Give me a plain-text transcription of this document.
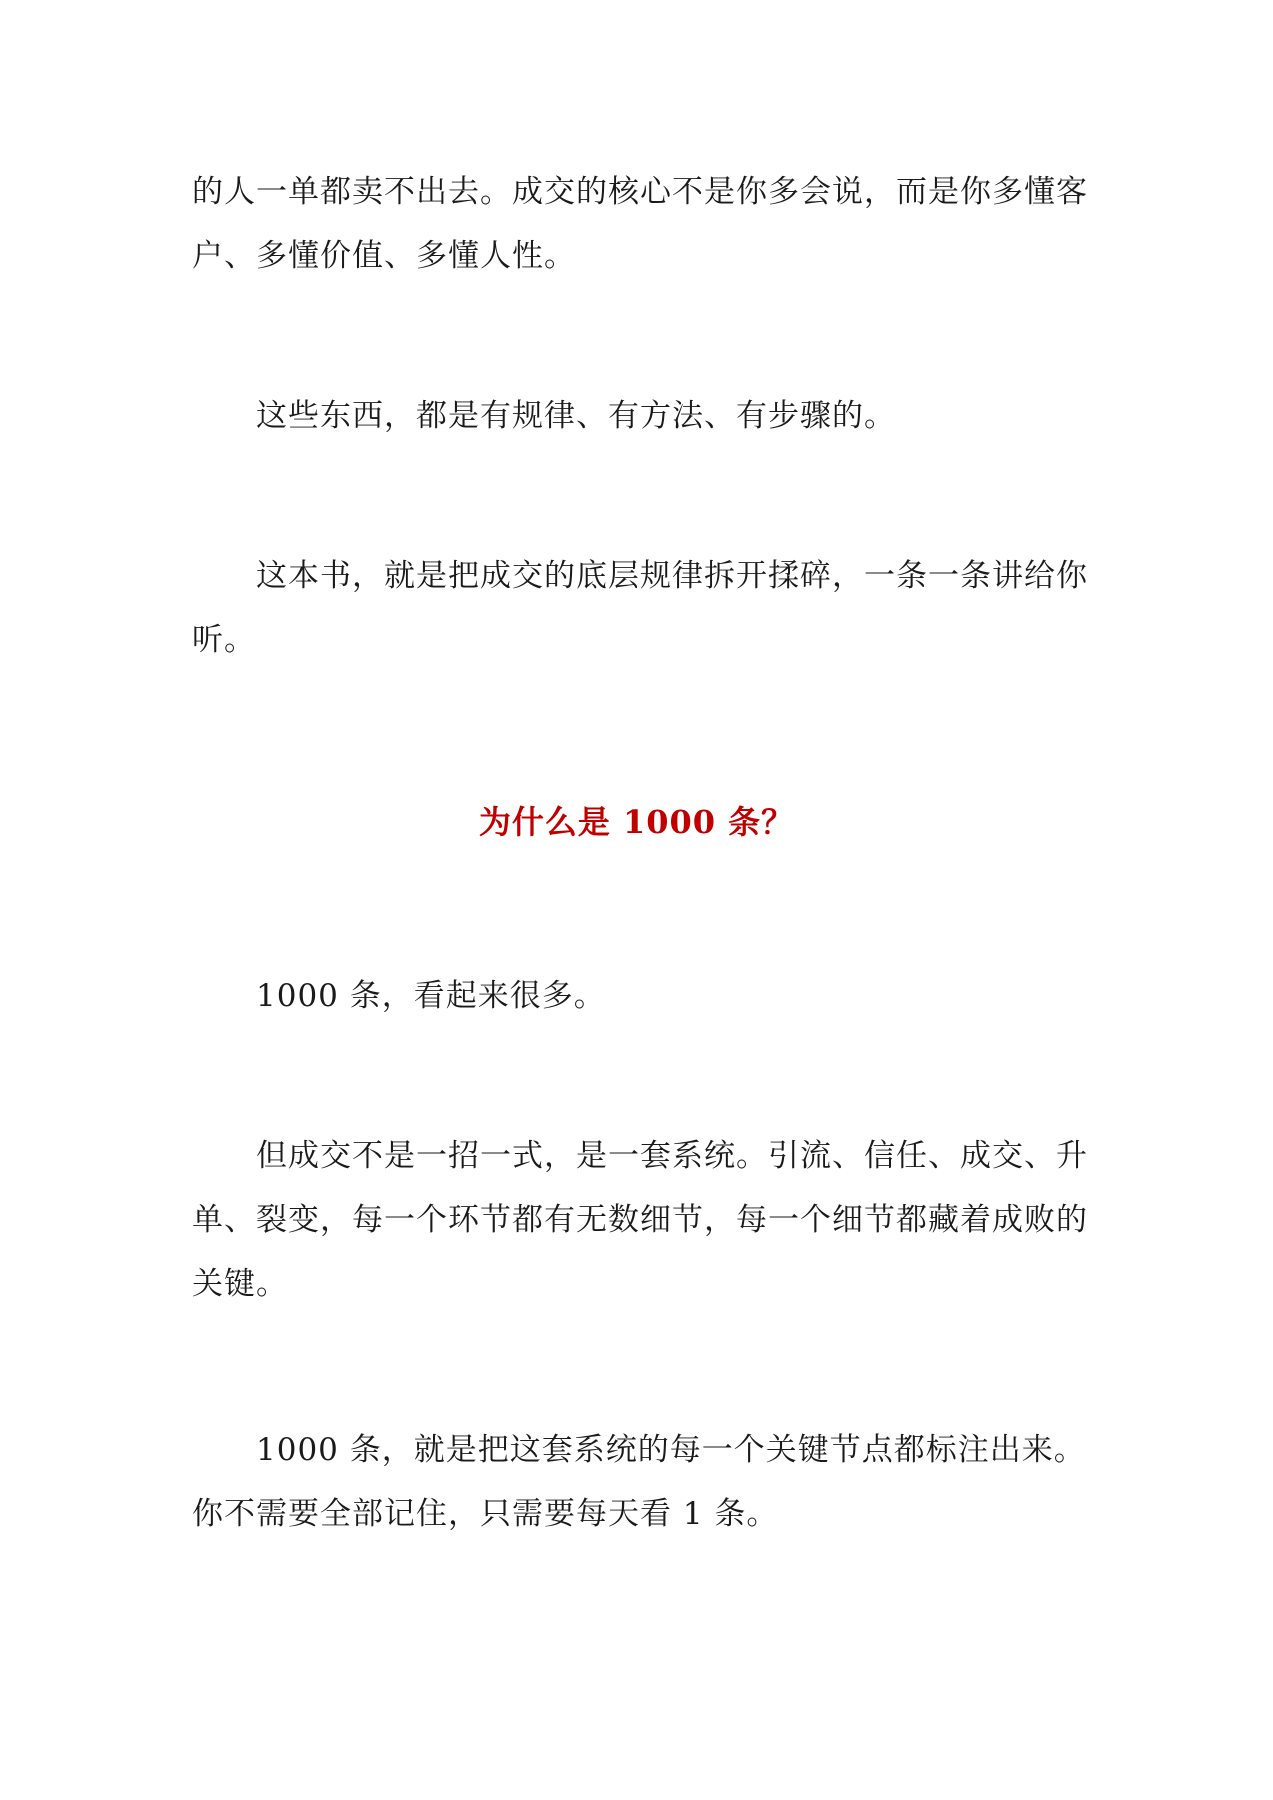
的人一单都卖不出去。成交的核心不是你多会说，而是你多懂客
户、多懂价值、多懂人性。
这些东西，都是有规律、有方法、有步骤的。
这本书，就是把成交的底层规律拆开揉碎，一条一条讲给你
听。
为什么是 1000 条？
1000 条，看起来很多。
但成交不是一招一式，是一套系统。引流、信任、成交、升
单、裂变，每一个环节都有无数细节，每一个细节都藏着成败的
关键。
1000 条，就是把这套系统的每一个关键节点都标注出来。
你不需要全部记住，只需要每天看 1 条。
